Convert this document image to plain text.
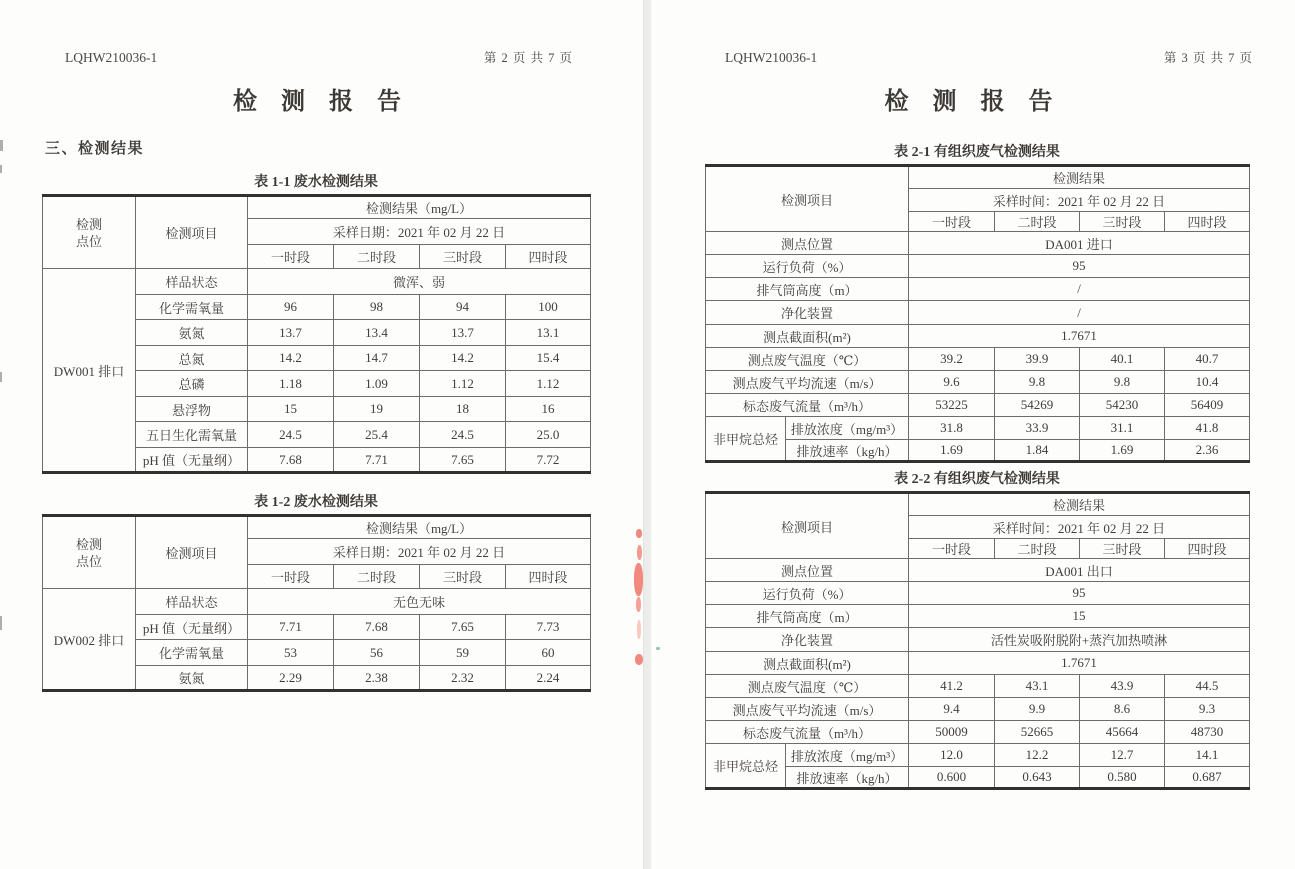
LQHW210036-1	第 2 页 共 7 页
检 测 报 告
三、检测结果
表 1-1 废水检测结果
检测
点位	检测项目	检测结果（mg/L）			
		采样日期：2021 年 02 月 22 日			
		一时段	二时段	三时段	四时段
DW001 排口	样品状态	微浑、弱			
	化学需氧量	96	98	94	100
	氨氮	13.7	13.4	13.7	13.1
	总氮	14.2	14.7	14.2	15.4
	总磷	1.18	1.09	1.12	1.12
	悬浮物	15	19	18	16
	五日生化需氧量	24.5	25.4	24.5	25.0
	pH 值（无量纲）	7.68	7.71	7.65	7.72
表 1-2 废水检测结果
检测
点位	检测项目	检测结果（mg/L）			
		采样日期：2021 年 02 月 22 日			
		一时段	二时段	三时段	四时段
DW002 排口	样品状态	无色无味			
	pH 值（无量纲）	7.71	7.68	7.65	7.73
	化学需氧量	53	56	59	60
	氨氮	2.29	2.38	2.32	2.24
LQHW210036-1	第 3 页 共 7 页
检 测 报 告
表 2-1 有组织废气检测结果
检测项目		检测结果			
		采样时间：2021 年 02 月 22 日			
		一时段	二时段	三时段	四时段
测点位置		DA001 进口			
运行负荷（%）		95			
排气筒高度（m）		/			
净化装置		/			
测点截面积(m²)		1.7671			
测点废气温度（℃）		39.2	39.9	40.1	40.7
测点废气平均流速（m/s）		9.6	9.8	9.8	10.4
标态废气流量（m³/h）		53225	54269	54230	56409
非甲烷总烃	排放浓度（mg/m³）	31.8	33.9	31.1	41.8
	排放速率（kg/h）	1.69	1.84	1.69	2.36
表 2-2 有组织废气检测结果
检测项目		检测结果			
		采样时间：2021 年 02 月 22 日			
		一时段	二时段	三时段	四时段
测点位置		DA001 出口			
运行负荷（%）		95			
排气筒高度（m）		15			
净化装置		活性炭吸附脱附+蒸汽加热喷淋			
测点截面积(m²)		1.7671			
测点废气温度（℃）		41.2	43.1	43.9	44.5
测点废气平均流速（m/s）		9.4	9.9	8.6	9.3
标态废气流量（m³/h）		50009	52665	45664	48730
非甲烷总烃	排放浓度（mg/m³）	12.0	12.2	12.7	14.1
	排放速率（kg/h）	0.600	0.643	0.580	0.687
